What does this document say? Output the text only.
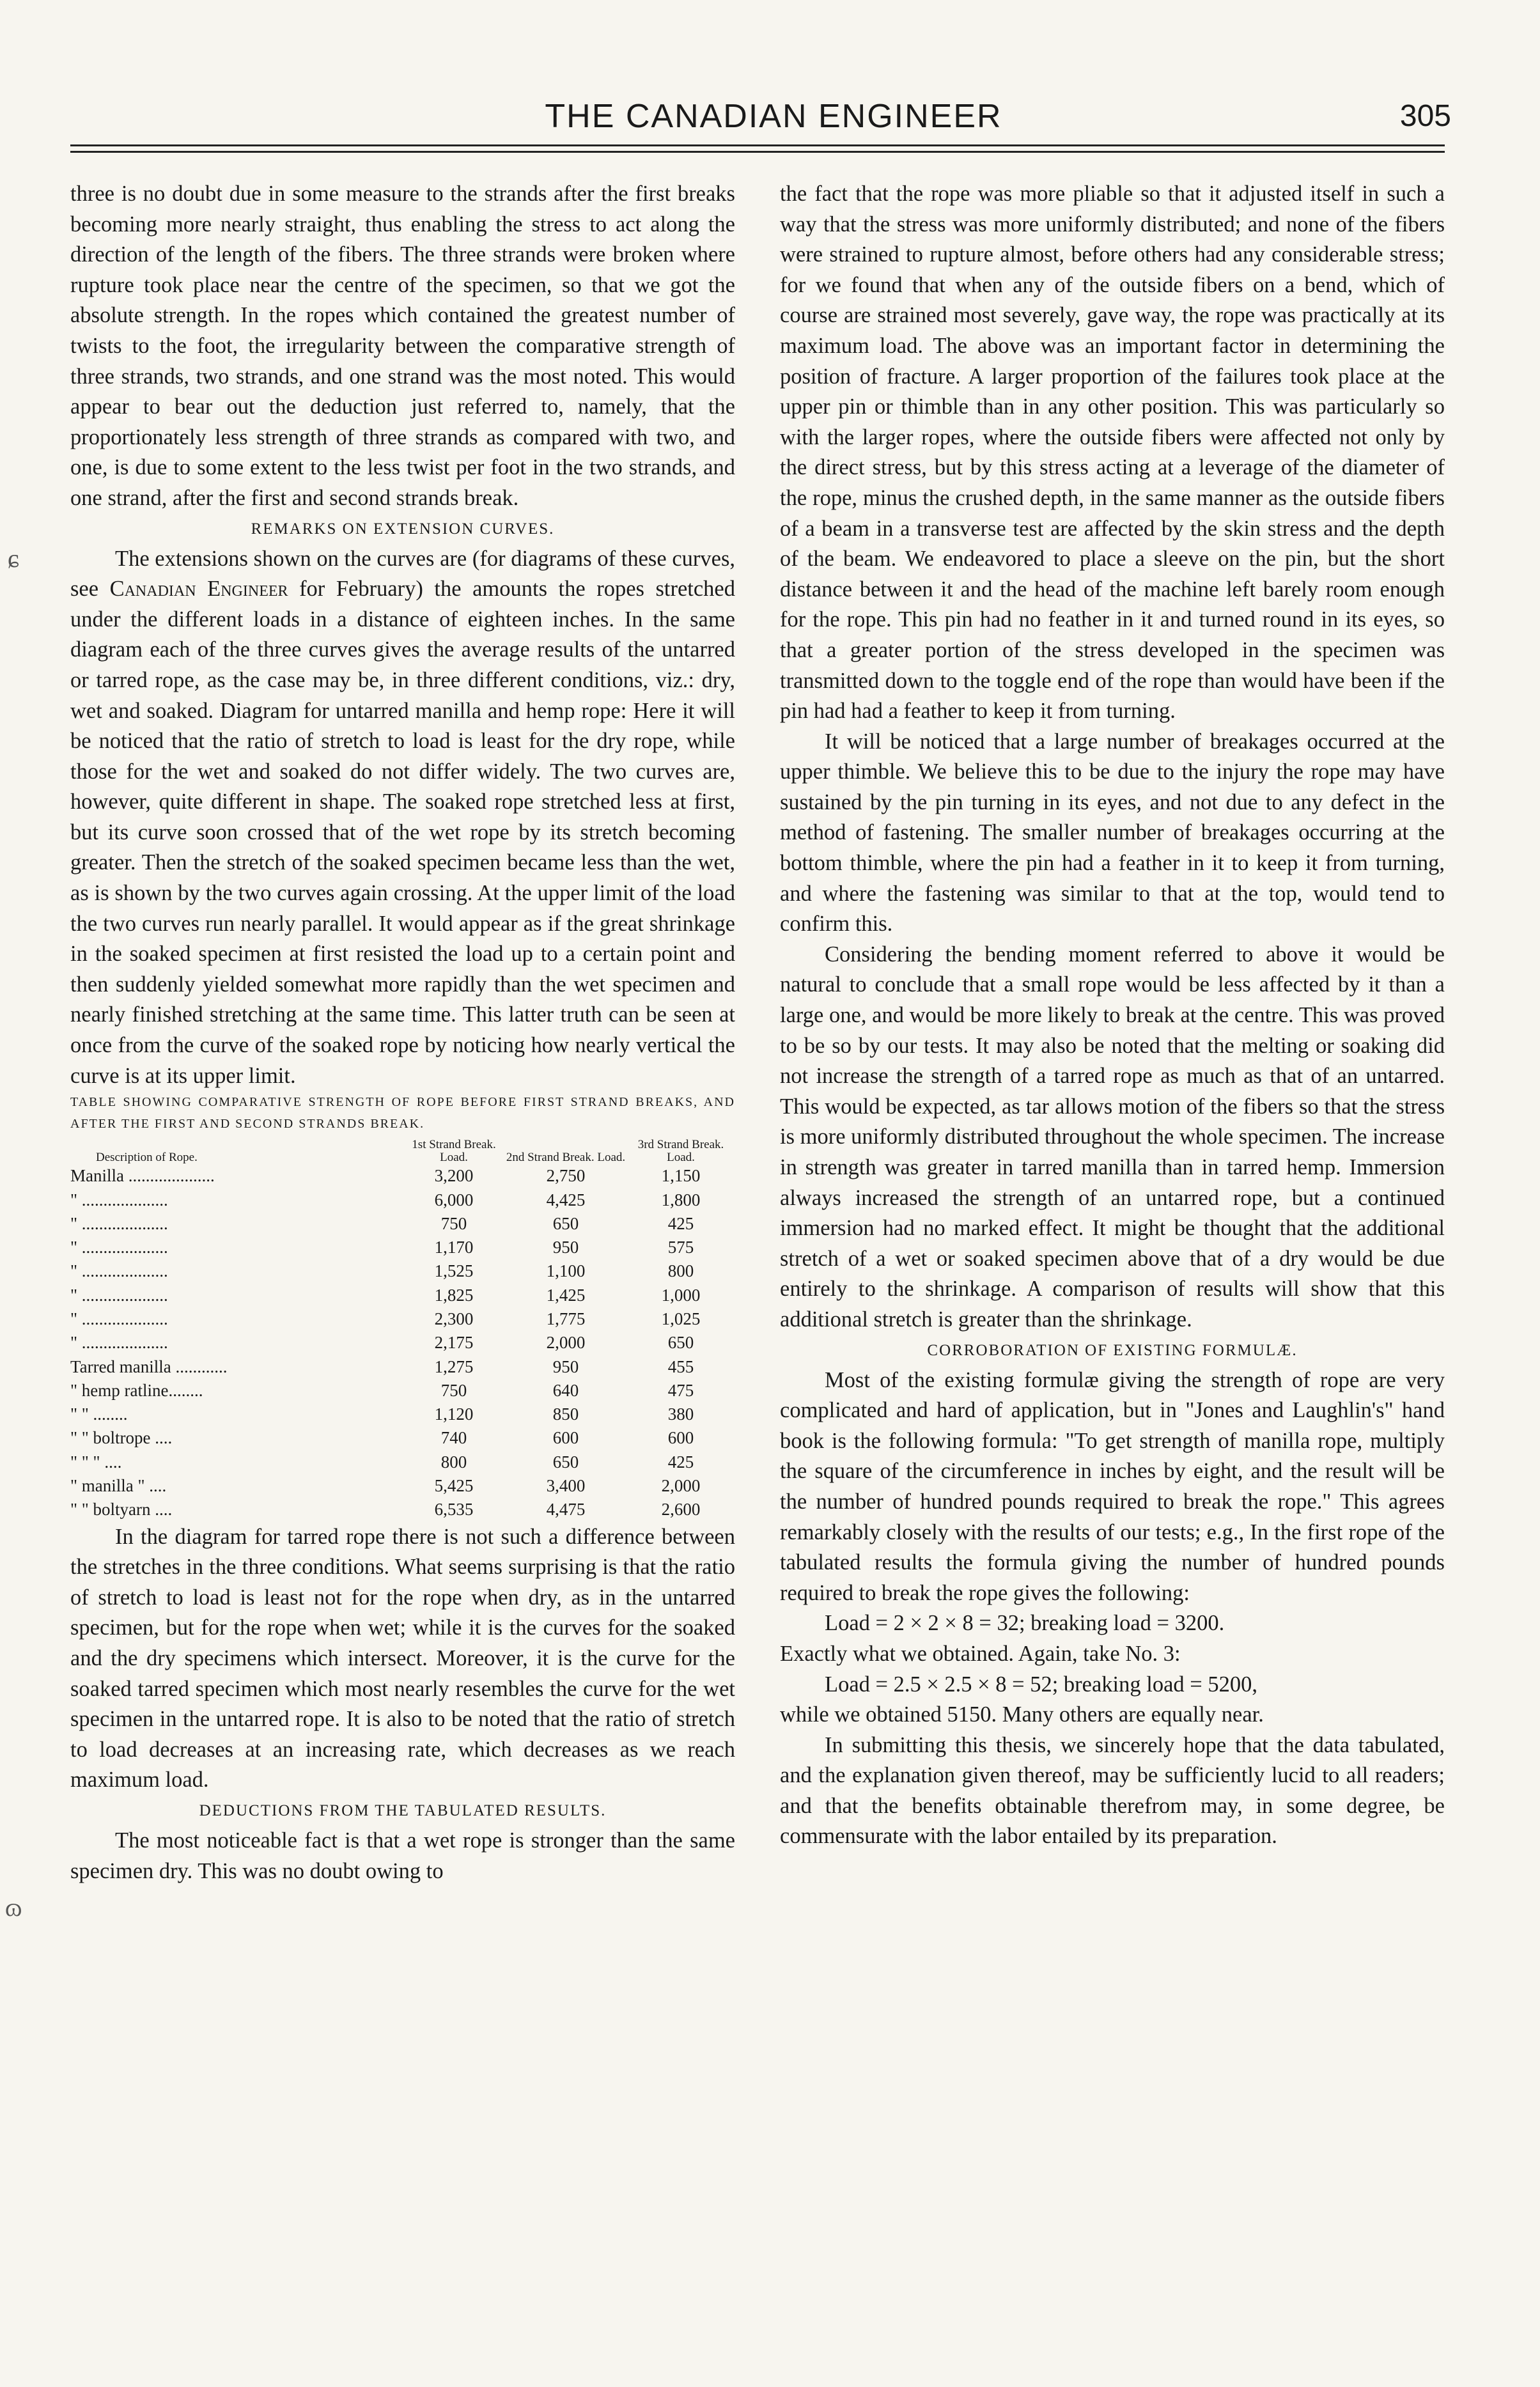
THE CANADIAN ENGINEER	305
ɕ
ɷ

three is no doubt due in some measure to the strands after the first breaks becoming more nearly straight, thus enabling the stress to act along the direction of the length of the fibers. The three strands were broken where rupture took place near the centre of the specimen, so that we got the absolute strength. In the ropes which contained the greatest number of twists to the foot, the irregularity between the comparative strength of three strands, two strands, and one strand was the most noted. This would appear to bear out the deduction just referred to, namely, that the proportionately less strength of three strands as compared with two, and one, is due to some extent to the less twist per foot in the two strands, and one strand, after the first and second strands break.

REMARKS ON EXTENSION CURVES.

The extensions shown on the curves are (for diagrams of these curves, see Canadian Engineer for February) the amounts the ropes stretched under the different loads in a distance of eighteen inches. In the same diagram each of the three curves gives the average results of the untarred or tarred rope, as the case may be, in three different conditions, viz.: dry, wet and soaked. Diagram for untarred manilla and hemp rope: Here it will be noticed that the ratio of stretch to load is least for the dry rope, while those for the wet and soaked do not differ widely. The two curves are, however, quite different in shape. The soaked rope stretched less at first, but its curve soon crossed that of the wet rope by its stretch becoming greater. Then the stretch of the soaked specimen became less than the wet, as is shown by the two curves again crossing. At the upper limit of the load the two curves run nearly parallel. It would appear as if the great shrinkage in the soaked specimen at first resisted the load up to a certain point and then suddenly yielded somewhat more rapidly than the wet specimen and nearly finished stretching at the same time. This latter truth can be seen at once from the curve of the soaked rope by noticing how nearly vertical the curve is at its upper limit.

TABLE SHOWING COMPARATIVE STRENGTH OF ROPE BEFORE FIRST STRAND BREAKS, AND AFTER THE FIRST AND SECOND STRANDS BREAK.

Description of Rope.	1st Strand Break. Load.	2nd Strand Break. Load.	3rd Strand Break. Load.
Manilla ....................	3,200	2,750	1,150
" ....................	6,000	4,425	1,800
" ....................	750	650	425
" ....................	1,170	950	575
" ....................	1,525	1,100	800
" ....................	1,825	1,425	1,000
" ....................	2,300	1,775	1,025
" ....................	2,175	2,000	650
Tarred manilla ............	1,275	950	455
" hemp ratline........	750	640	475
" " ........	1,120	850	380
" " boltrope ....	740	600	600
" " " ....	800	650	425
" manilla " ....	5,425	3,400	2,000
" " boltyarn ....	6,535	4,475	2,600

In the diagram for tarred rope there is not such a difference between the stretches in the three conditions. What seems surprising is that the ratio of stretch to load is least not for the rope when dry, as in the untarred specimen, but for the rope when wet; while it is the curves for the soaked and the dry specimens which intersect. Moreover, it is the curve for the soaked tarred specimen which most nearly resembles the curve for the wet specimen in the untarred rope. It is also to be noted that the ratio of stretch to load decreases at an increasing rate, which decreases as we reach maximum load.

DEDUCTIONS FROM THE TABULATED RESULTS.

The most noticeable fact is that a wet rope is stronger than the same specimen dry. This was no doubt owing to

the fact that the rope was more pliable so that it adjusted itself in such a way that the stress was more uniformly distributed; and none of the fibers were strained to rupture almost, before others had any considerable stress; for we found that when any of the outside fibers on a bend, which of course are strained most severely, gave way, the rope was practically at its maximum load. The above was an important factor in determining the position of fracture. A larger proportion of the failures took place at the upper pin or thimble than in any other position. This was particularly so with the larger ropes, where the outside fibers were affected not only by the direct stress, but by this stress acting at a leverage of the diameter of the rope, minus the crushed depth, in the same manner as the outside fibers of a beam in a transverse test are affected by the skin stress and the depth of the beam. We endeavored to place a sleeve on the pin, but the short distance between it and the head of the machine left barely room enough for the rope. This pin had no feather in it and turned round in its eyes, so that a greater portion of the stress developed in the specimen was transmitted down to the toggle end of the rope than would have been if the pin had had a feather to keep it from turning.

It will be noticed that a large number of breakages occurred at the upper thimble. We believe this to be due to the injury the rope may have sustained by the pin turning in its eyes, and not due to any defect in the method of fastening. The smaller number of breakages occurring at the bottom thimble, where the pin had a feather in it to keep it from turning, and where the fastening was similar to that at the top, would tend to confirm this.

Considering the bending moment referred to above it would be natural to conclude that a small rope would be less affected by it than a large one, and would be more likely to break at the centre. This was proved to be so by our tests. It may also be noted that the melting or soaking did not increase the strength of a tarred rope as much as that of an untarred. This would be expected, as tar allows motion of the fibers so that the stress is more uniformly distributed throughout the whole specimen. The increase in strength was greater in tarred manilla than in tarred hemp. Immersion always increased the strength of an untarred rope, but a continued immersion had no marked effect. It might be thought that the additional stretch of a wet or soaked specimen above that of a dry would be due entirely to the shrinkage. A comparison of results will show that this additional stretch is greater than the shrinkage.

CORROBORATION OF EXISTING FORMULÆ.

Most of the existing formulæ giving the strength of rope are very complicated and hard of application, but in "Jones and Laughlin's" hand book is the following formula: "To get strength of manilla rope, multiply the square of the circumference in inches by eight, and the result will be the number of hundred pounds required to break the rope." This agrees remarkably closely with the results of our tests; e.g., In the first rope of the tabulated results the formula giving the number of hundred pounds required to break the rope gives the following:

Load = 2 × 2 × 8 = 32; breaking load = 3200.

Exactly what we obtained. Again, take No. 3:

Load = 2.5 × 2.5 × 8 = 52; breaking load = 5200,

while we obtained 5150. Many others are equally near.

In submitting this thesis, we sincerely hope that the data tabulated, and the explanation given thereof, may be sufficiently lucid to all readers; and that the benefits obtainable therefrom may, in some degree, be commensurate with the labor entailed by its preparation.
